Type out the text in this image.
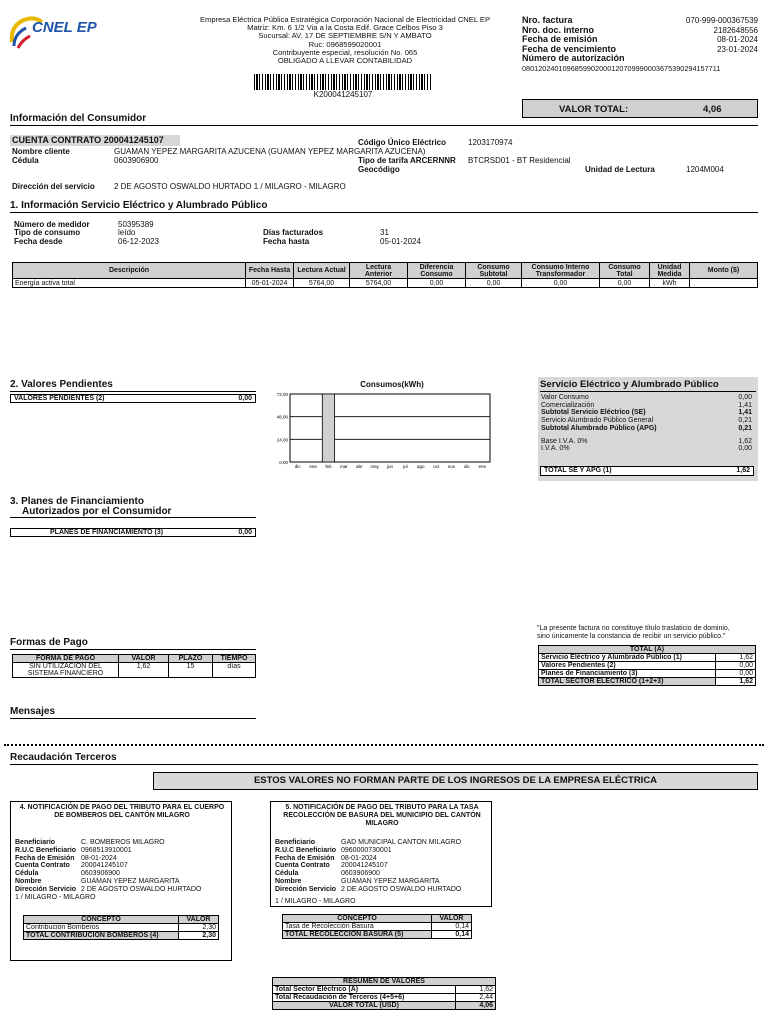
CNEL EP	Empresa Eléctrica Pública Estratégica Corporación Nacional de Electricidad CNEL EP
Matriz: Km. 6 1/2 Via a la Costa Edif. Grace Celbos Piso 3
Sucursal: AV. 17 DE SEPTIEMBRE S/N Y AMBATO
Ruc: 0968599020001
Contribuyente especial, resolución No. 065
OBLIGADO A LLEVAR CONTABILIDAD
K200041245107
Nro. factura	070-999-000367539
Nro. doc. interno	2182648556
Fecha de emisión	08-01-2024
Fecha de vencimiento	23-01-2024
Número de autorización
0801202401096859902000120709990003675390294157711
VALOR TOTAL:	4,06
Información del Consumidor
CUENTA CONTRATO 200041245107
Nombre cliente	GUAMAN YEPEZ MARGARITA AZUCENA (GUAMAN YEPEZ MARGARITA AZUCENA)
Cédula	0603906900
Código Único Eléctrico	1203170974
Tipo de tarifa ARCERNNR BTCRSD01 - BT Residencial
Geocódigo	Unidad de Lectura	1204M004
Dirección del servicio 2 DE AGOSTO OSWALDO HURTADO 1 / MILAGRO - MILAGRO
1. Información Servicio Eléctrico y Alumbrado Público
Número de medidor	50395389
Tipo de consumo	leído
Fecha desde	06-12-2023
Días facturados	31
Fecha hasta	05-01-2024
Descripción	Fecha Hasta	Lectura Actual	Lectura Anterior	Diferencia Consumo	Consumo Subtotal	Consumo Interno Transformador	Consumo Total	Unidad Medida	Monto ($)
Energía activa total	05-01-2024	5764,00	5764,00	0,00	0,00	0,00	0,00	kWh	
2. Valores Pendientes
VALORES PENDIENTES (2)	0,00
Consumos(kWh)
72,00
48,00
24,00
0,00
dic ene feb mar abr may jun jul ago oct nov dic ene
Servicio Eléctrico y Alumbrado Público
Valor Consumo	0,00
Comercialización	1,41
Subtotal Servicio Eléctrico (SE)	1,41
Servicio Alumbrado Público General	0,21
Subtotal Alumbrado Público (APG)	0,21
Base I.V.A. 0%	1,62
I.V.A. 0%	0,00
TOTAL SE Y APG (1)	1,62
3. Planes de Financiamiento
Autorizados por el Consumidor
PLANES DE FINANCIAMIENTO (3)	0,00
Formas de Pago
FORMA DE PAGO	VALOR	PLAZO	TIEMPO
SIN UTILIZACION DEL SISTEMA FINANCIERO	1,62	15	días
"La presente factura no constituye título traslaticio de dominio,
sino únicamente la constancia de recibir un servicio público."
TOTAL (A)	
Servicio Eléctrico y Alumbrado Público (1)	1,62
Valores Pendientes (2)	0,00
Planes de Financiamiento (3)	0,00
TOTAL SECTOR ELECTRICO (1+2+3)	1,62
Mensajes
Recaudación Terceros
ESTOS VALORES NO FORMAN PARTE DE LOS INGRESOS DE LA EMPRESA ELÉCTRICA
4. NOTIFICACIÓN DE PAGO DEL TRIBUTO PARA EL CUERPO DE BOMBEROS DEL CANTÓN MILAGRO
Beneficiario	C. BOMBEROS MILAGRO
R.U.C Beneficiario 0968513910001
Fecha de Emisión 08-01-2024
Cuenta Contrato	200041245107
Cédula	0603906900
Nombre	GUAMAN YEPEZ MARGARITA
Dirección Servicio 2 DE AGOSTO OSWALDO HURTADO
1 / MILAGRO - MILAGRO
CONCEPTO	VALOR
Contribución Bomberos	2,30
TOTAL CONTRIBUCION BOMBEROS (4)	2,30
5. NOTIFICACIÓN DE PAGO DEL TRIBUTO PARA LA TASA RECOLECCIÓN DE BASURA DEL MUNICIPIO DEL CANTÓN MILAGRO
Beneficiario	GAD MUNICIPAL CANTON MILAGRO
R.U.C Beneficiario 0960000730001
Fecha de Emisión 08-01-2024
Cuenta Contrato	200041245107
Cédula	0603906900
Nombre	GUAMAN YEPEZ MARGARITA
Dirección Servicio 2 DE AGOSTO OSWALDO HURTADO
1 / MILAGRO - MILAGRO
CONCEPTO	VALOR
Tasa de Recolección Basura	0,14
TOTAL RECOLECCION BASURA (5)	0,14
RESUMEN DE VALORES	
Total Sector Eléctrico (A)	1,62
Total Recaudación de Terceros (4+5+6)	2,44
VALOR TOTAL (USD)	4,06
